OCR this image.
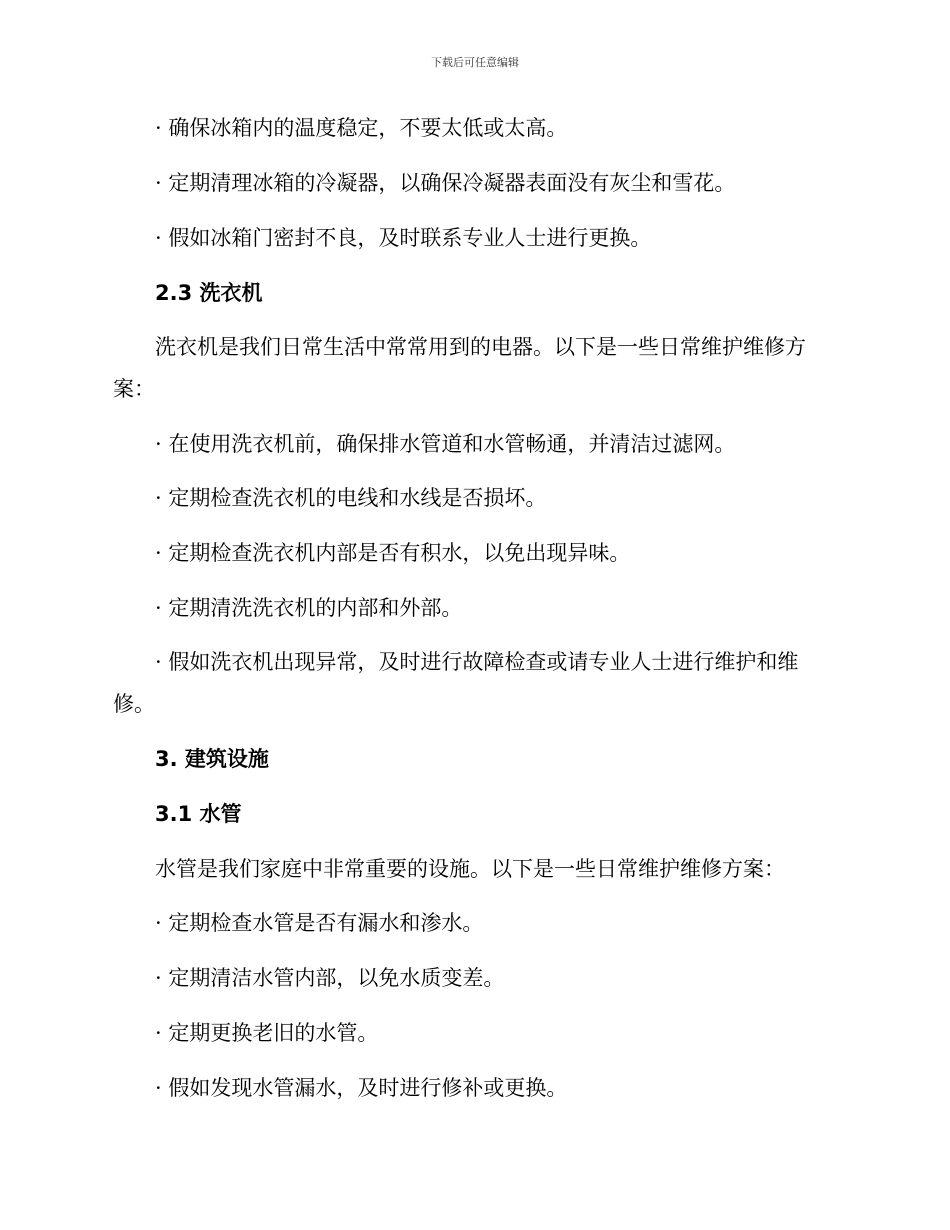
下载后可任意编辑
· 确保冰箱内的温度稳定，不要太低或太高。
· 定期清理冰箱的冷凝器，以确保冷凝器表面没有灰尘和雪花。
· 假如冰箱门密封不良，及时联系专业人士进行更换。
2.3 洗衣机
洗衣机是我们日常生活中常常用到的电器。以下是一些日常维护维修方案：
· 在使用洗衣机前，确保排水管道和水管畅通，并清洁过滤网。
· 定期检查洗衣机的电线和水线是否损坏。
· 定期检查洗衣机内部是否有积水，以免出现异味。
· 定期清洗洗衣机的内部和外部。
· 假如洗衣机出现异常，及时进行故障检查或请专业人士进行维护和维修。
3. 建筑设施
3.1 水管
水管是我们家庭中非常重要的设施。以下是一些日常维护维修方案：
· 定期检查水管是否有漏水和渗水。
· 定期清洁水管内部，以免水质变差。
· 定期更换老旧的水管。
· 假如发现水管漏水，及时进行修补或更换。
